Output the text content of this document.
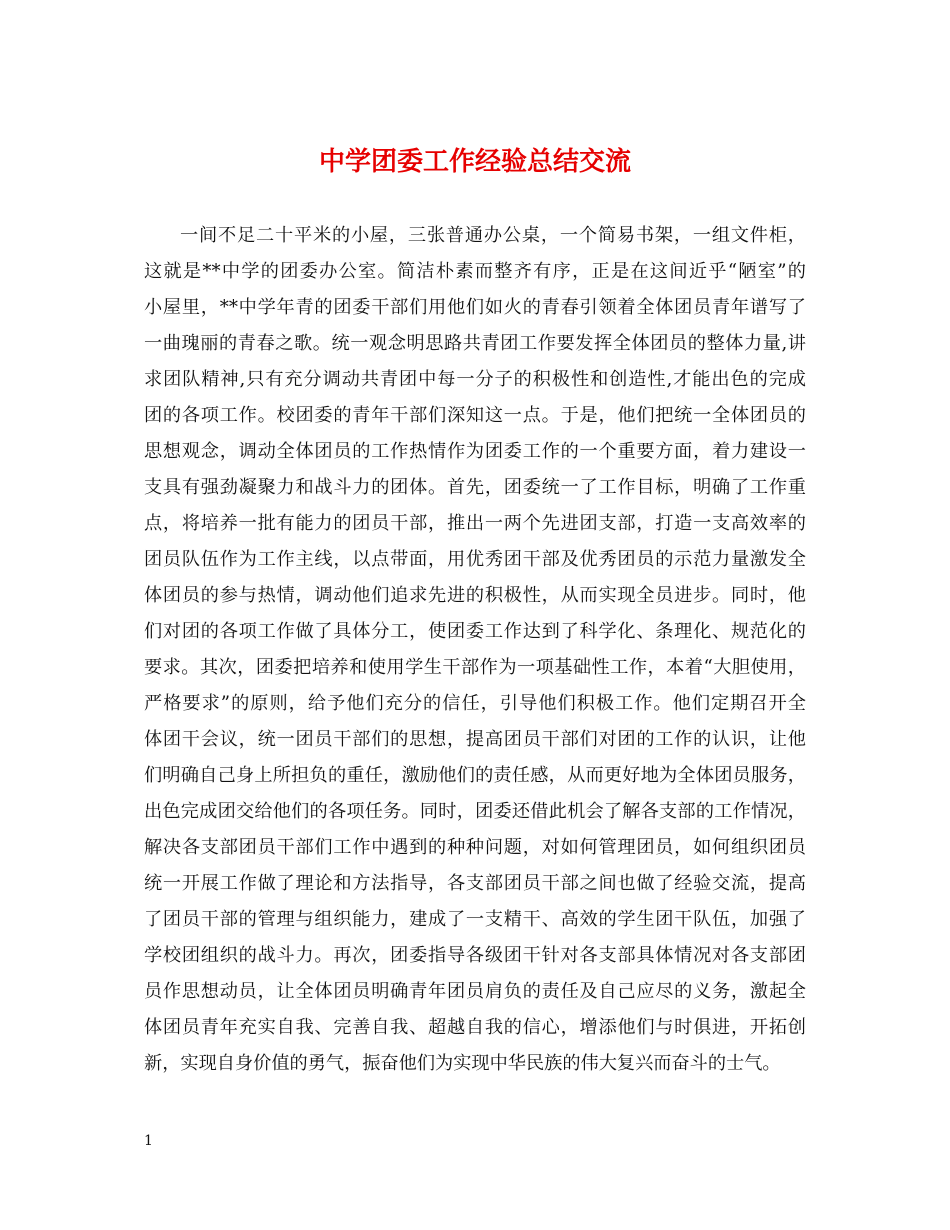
中学团委工作经验总结交流
一间不足二十平米的小屋，三张普通办公桌，一个简易书架，一组文件柜，
这就是**中学的团委办公室。简洁朴素而整齐有序，正是在这间近乎“陋室”的
小屋里，**中学年青的团委干部们用他们如火的青春引领着全体团员青年谱写了
一曲瑰丽的青春之歌。统一观念明思路共青团工作要发挥全体团员的整体力量,讲
求团队精神,只有充分调动共青团中每一分子的积极性和创造性,才能出色的完成
团的各项工作。校团委的青年干部们深知这一点。于是，他们把统一全体团员的
思想观念，调动全体团员的工作热情作为团委工作的一个重要方面，着力建设一
支具有强劲凝聚力和战斗力的团体。首先，团委统一了工作目标，明确了工作重
点，将培养一批有能力的团员干部，推出一两个先进团支部，打造一支高效率的
团员队伍作为工作主线，以点带面，用优秀团干部及优秀团员的示范力量激发全
体团员的参与热情，调动他们追求先进的积极性，从而实现全员进步。同时，他
们对团的各项工作做了具体分工，使团委工作达到了科学化、条理化、规范化的
要求。其次，团委把培养和使用学生干部作为一项基础性工作，本着“大胆使用，
严格要求”的原则，给予他们充分的信任，引导他们积极工作。他们定期召开全
体团干会议，统一团员干部们的思想，提高团员干部们对团的工作的认识，让他
们明确自己身上所担负的重任，激励他们的责任感，从而更好地为全体团员服务，
出色完成团交给他们的各项任务。同时，团委还借此机会了解各支部的工作情况，
解决各支部团员干部们工作中遇到的种种问题，对如何管理团员，如何组织团员
统一开展工作做了理论和方法指导，各支部团员干部之间也做了经验交流，提高
了团员干部的管理与组织能力，建成了一支精干、高效的学生团干队伍，加强了
学校团组织的战斗力。再次，团委指导各级团干针对各支部具体情况对各支部团
员作思想动员，让全体团员明确青年团员肩负的责任及自己应尽的义务，激起全
体团员青年充实自我、完善自我、超越自我的信心，增添他们与时俱进，开拓创
新，实现自身价值的勇气，振奋他们为实现中华民族的伟大复兴而奋斗的士气。
1
